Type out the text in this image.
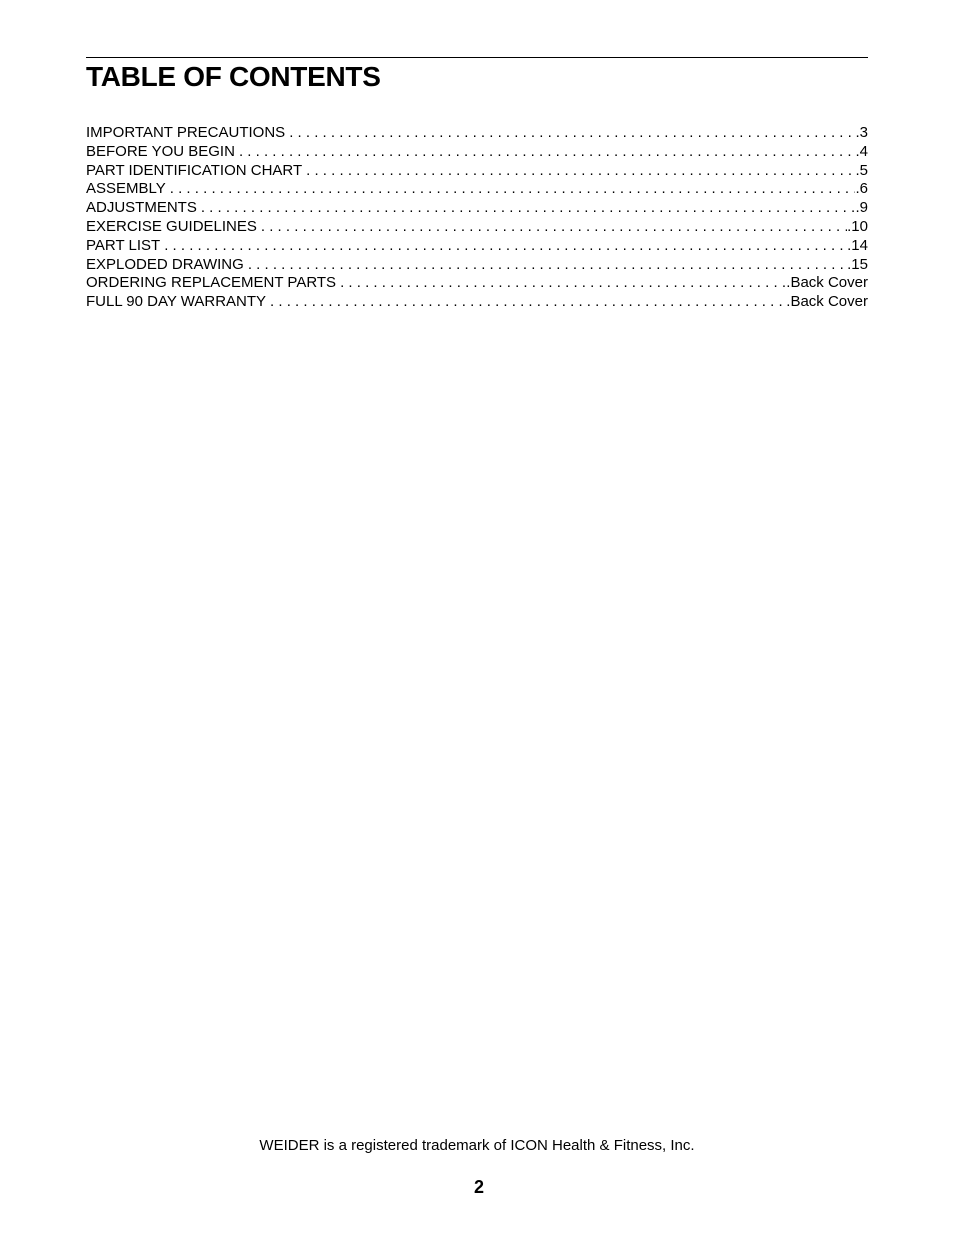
TABLE OF CONTENTS
IMPORTANT PRECAUTIONS . . .	.3
BEFORE YOU BEGIN . . .	.4
PART IDENTIFICATION CHART . . .	.5
ASSEMBLY . . .	.6
ADJUSTMENTS . . .	.9
EXERCISE GUIDELINES . . .	.10
PART LIST . . .	.14
EXPLODED DRAWING . . .	.15
ORDERING REPLACEMENT PARTS . . .	.Back Cover
FULL 90 DAY WARRANTY . . .	.Back Cover
WEIDER is a registered trademark of ICON Health & Fitness, Inc.
2
